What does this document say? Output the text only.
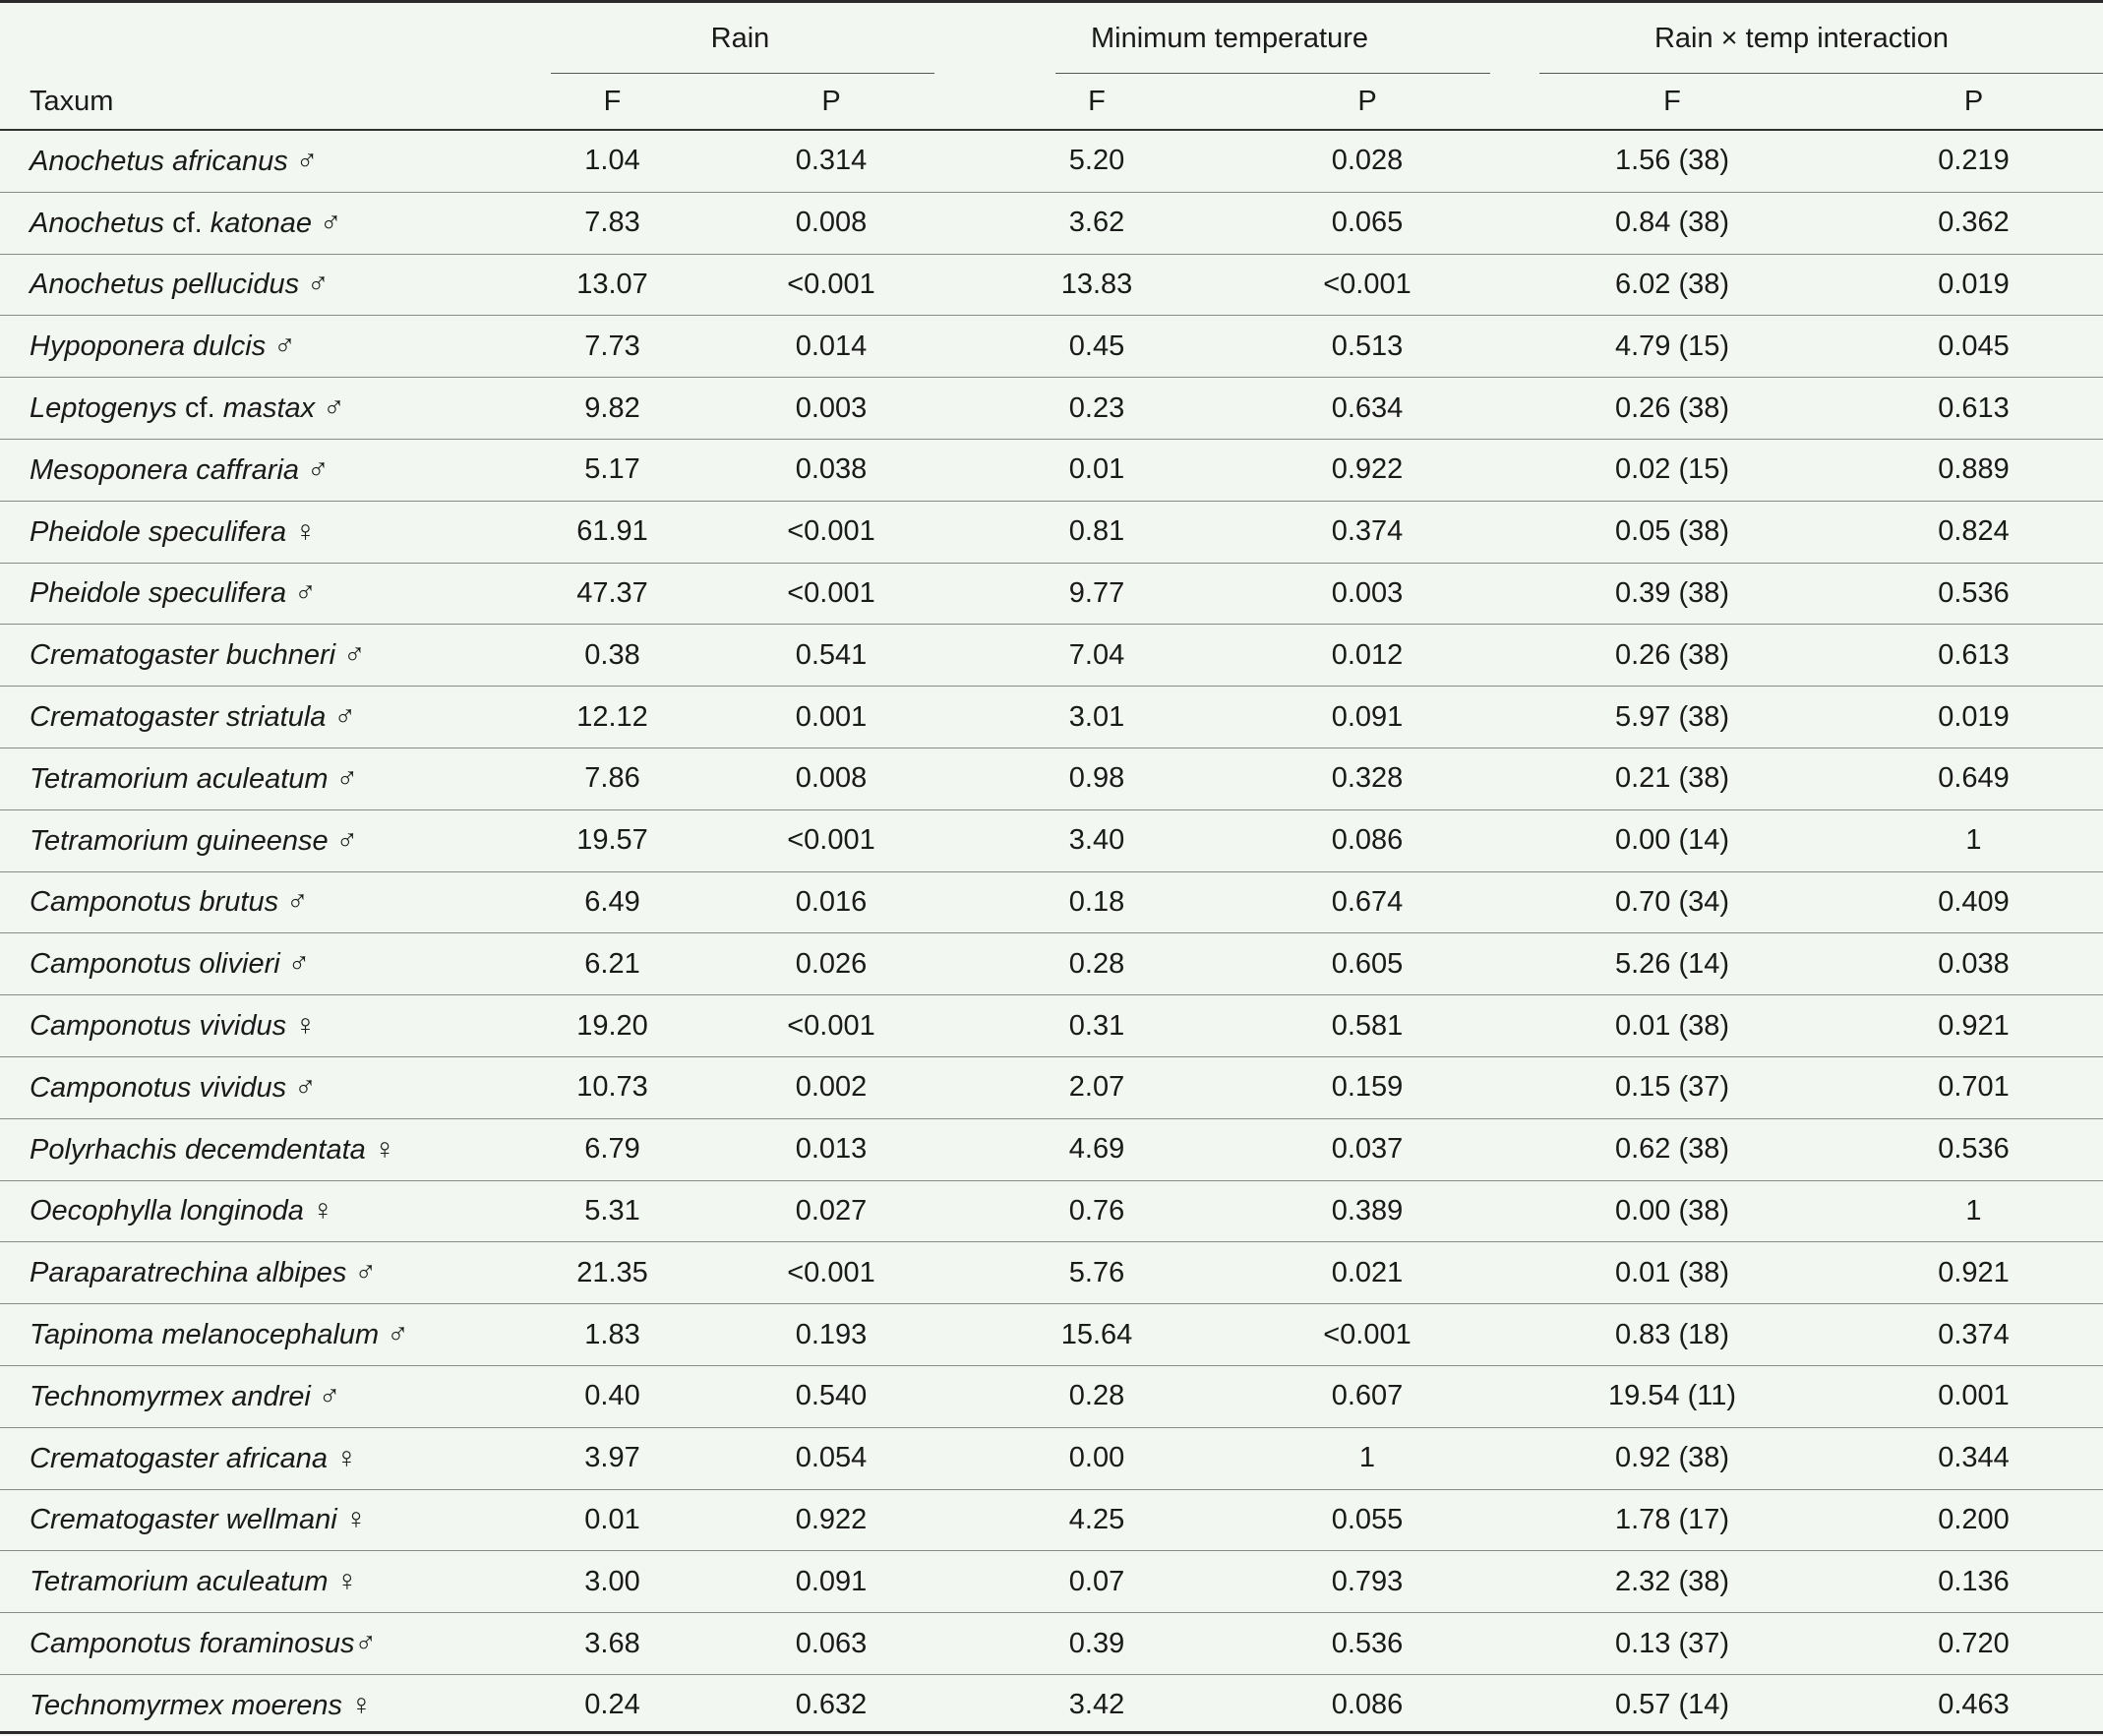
	Rain		Minimum temperature		Rain × temp interaction	

Taxum	F	P	F	P	F	P
Anochetus africanus ♂	1.04	0.314	5.20	0.028	1.56 (38)	0.219
Anochetus cf. katonae ♂	7.83	0.008	3.62	0.065	0.84 (38)	0.362
Anochetus pellucidus ♂	13.07	<0.001	13.83	<0.001	6.02 (38)	0.019
Hypoponera dulcis ♂	7.73	0.014	0.45	0.513	4.79 (15)	0.045
Leptogenys cf. mastax ♂	9.82	0.003	0.23	0.634	0.26 (38)	0.613
Mesoponera caffraria ♂	5.17	0.038	0.01	0.922	0.02 (15)	0.889
Pheidole speculifera ♀	61.91	<0.001	0.81	0.374	0.05 (38)	0.824
Pheidole speculifera ♂	47.37	<0.001	9.77	0.003	0.39 (38)	0.536
Crematogaster buchneri ♂	0.38	0.541	7.04	0.012	0.26 (38)	0.613
Crematogaster striatula ♂	12.12	0.001	3.01	0.091	5.97 (38)	0.019
Tetramorium aculeatum ♂	7.86	0.008	0.98	0.328	0.21 (38)	0.649
Tetramorium guineense ♂	19.57	<0.001	3.40	0.086	0.00 (14)	1
Camponotus brutus ♂	6.49	0.016	0.18	0.674	0.70 (34)	0.409
Camponotus olivieri ♂	6.21	0.026	0.28	0.605	5.26 (14)	0.038
Camponotus vividus ♀	19.20	<0.001	0.31	0.581	0.01 (38)	0.921
Camponotus vividus ♂	10.73	0.002	2.07	0.159	0.15 (37)	0.701
Polyrhachis decemdentata ♀	6.79	0.013	4.69	0.037	0.62 (38)	0.536
Oecophylla longinoda ♀	5.31	0.027	0.76	0.389	0.00 (38)	1
Paraparatrechina albipes ♂	21.35	<0.001	5.76	0.021	0.01 (38)	0.921
Tapinoma melanocephalum ♂	1.83	0.193	15.64	<0.001	0.83 (18)	0.374
Technomyrmex andrei ♂	0.40	0.540	0.28	0.607	19.54 (11)	0.001
Crematogaster africana ♀	3.97	0.054	0.00	1	0.92 (38)	0.344
Crematogaster wellmani ♀	0.01	0.922	4.25	0.055	1.78 (17)	0.200
Tetramorium aculeatum ♀	3.00	0.091	0.07	0.793	2.32 (38)	0.136
Camponotus foraminosus♂	3.68	0.063	0.39	0.536	0.13 (37)	0.720
Technomyrmex moerens ♀	0.24	0.632	3.42	0.086	0.57 (14)	0.463
